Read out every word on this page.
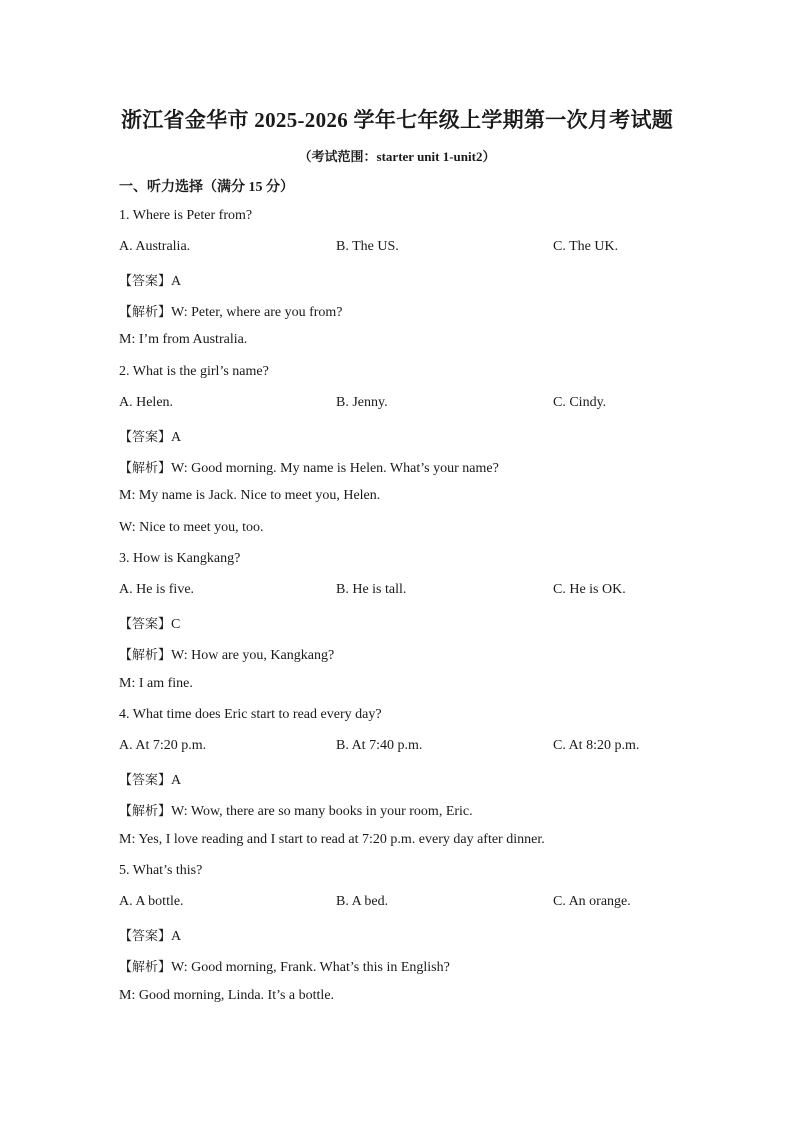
浙江省金华市 2025-2026 学年七年级上学期第一次月考试题
（考试范围：starter unit 1-unit2）
一、听力选择（满分 15 分）
1. Where is Peter from?
A. Australia.	B. The US.	C. The UK.
【答案】A
【解析】W: Peter, where are you from?
M: I’m from Australia.
2. What is the girl’s name?
A. Helen.	B. Jenny.	C. Cindy.
【答案】A
【解析】W: Good morning. My name is Helen. What’s your name?
M: My name is Jack. Nice to meet you, Helen.
W: Nice to meet you, too.
3. How is Kangkang?
A. He is five.	B. He is tall.	C. He is OK.
【答案】C
【解析】W: How are you, Kangkang?
M: I am fine.
4. What time does Eric start to read every day?
A. At 7:20 p.m.	B. At 7:40 p.m.	C. At 8:20 p.m.
【答案】A
【解析】W: Wow, there are so many books in your room, Eric.
M: Yes, I love reading and I start to read at 7:20 p.m. every day after dinner.
5. What’s this?
A. A bottle.	B. A bed.	C. An orange.
【答案】A
【解析】W: Good morning, Frank. What’s this in English?
M: Good morning, Linda. It’s a bottle.
